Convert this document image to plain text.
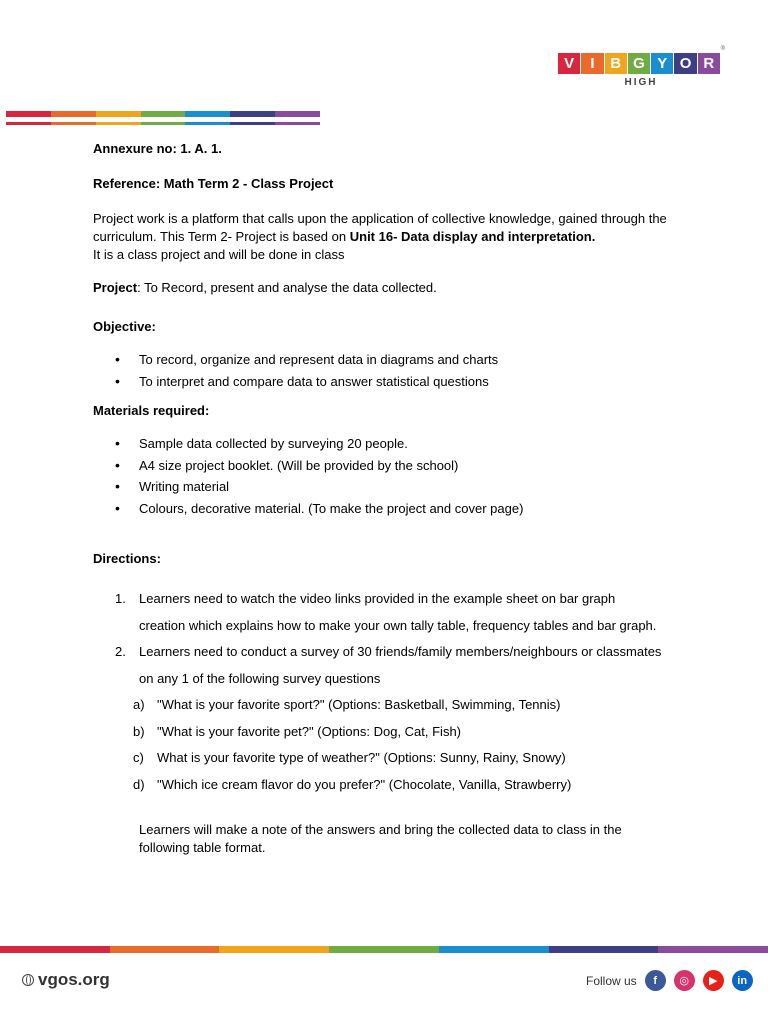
V	I	B G Y O R
HIGH
®

Annexure no: 1. A. 1.

Reference: Math Term 2 - Class Project

Project work is a platform that calls upon the application of collective knowledge, gained through the curriculum. This Term 2- Project is based on Unit 16- Data display and interpretation.

It is a class project and will be done in class

Project: To Record, present and analyse the data collected.

Objective:

• To record, organize and represent data in diagrams and charts
• To interpret and compare data to answer statistical questions

Materials required:

• Sample data collected by surveying 20 people.
• A4 size project booklet. (Will be provided by the school)
• Writing material
• Colours, decorative material. (To make the project and cover page)

Directions:

1. Learners need to watch the video links provided in the example sheet on bar graph
creation which explains how to make your own tally table, frequency tables and bar graph.
2. Learners need to conduct a survey of 30 friends/family members/neighbours or classmates
on any 1 of the following survey questions
a) "What is your favorite sport?" (Options: Basketball, Swimming, Tennis)
b) "What is your favorite pet?" (Options: Dog, Cat, Fish)
c) What is your favorite type of weather?" (Options: Sunny, Rainy, Snowy)
d) "Which ice cream flavor do you prefer?" (Chocolate, Vanilla, Strawberry)
Learners will make a note of the answers and bring the collected data to class in the
following table format.
vgos.org	Follow us	f	◎	▶	in
